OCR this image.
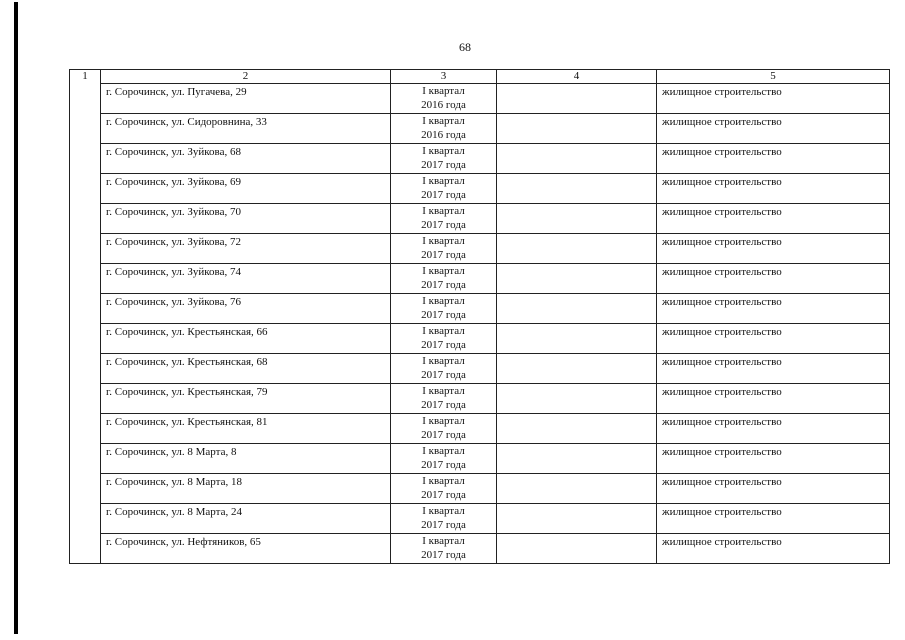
68
1	2	3	4	5

	г. Сорочинск, ул. Пугачева, 29	I квартал
2016 года		жилищное строительство

	г. Сорочинск, ул. Сидоровнина, 33	I квартал
2016 года		жилищное строительство

	г. Сорочинск, ул. Зуйкова, 68	I квартал
2017 года		жилищное строительство

	г. Сорочинск, ул. Зуйкова, 69	I квартал
2017 года		жилищное строительство

	г. Сорочинск, ул. Зуйкова, 70	I квартал
2017 года		жилищное строительство

	г. Сорочинск, ул. Зуйкова, 72	I квартал
2017 года		жилищное строительство

	г. Сорочинск, ул. Зуйкова, 74	I квартал
2017 года		жилищное строительство

	г. Сорочинск, ул. Зуйкова, 76	I квартал
2017 года		жилищное строительство

	г. Сорочинск, ул. Крестьянская, 66	I квартал
2017 года		жилищное строительство

	г. Сорочинск, ул. Крестьянская, 68	I квартал
2017 года		жилищное строительство

	г. Сорочинск, ул. Крестьянская, 79	I квартал
2017 года		жилищное строительство

	г. Сорочинск, ул. Крестьянская, 81	I квартал
2017 года		жилищное строительство

	г. Сорочинск, ул. 8 Марта, 8	I квартал
2017 года		жилищное строительство

	г. Сорочинск, ул. 8 Марта, 18	I квартал
2017 года		жилищное строительство

	г. Сорочинск, ул. 8 Марта, 24	I квартал
2017 года		жилищное строительство

	г. Сорочинск, ул. Нефтяников, 65	I квартал
2017 года		жилищное строительство
